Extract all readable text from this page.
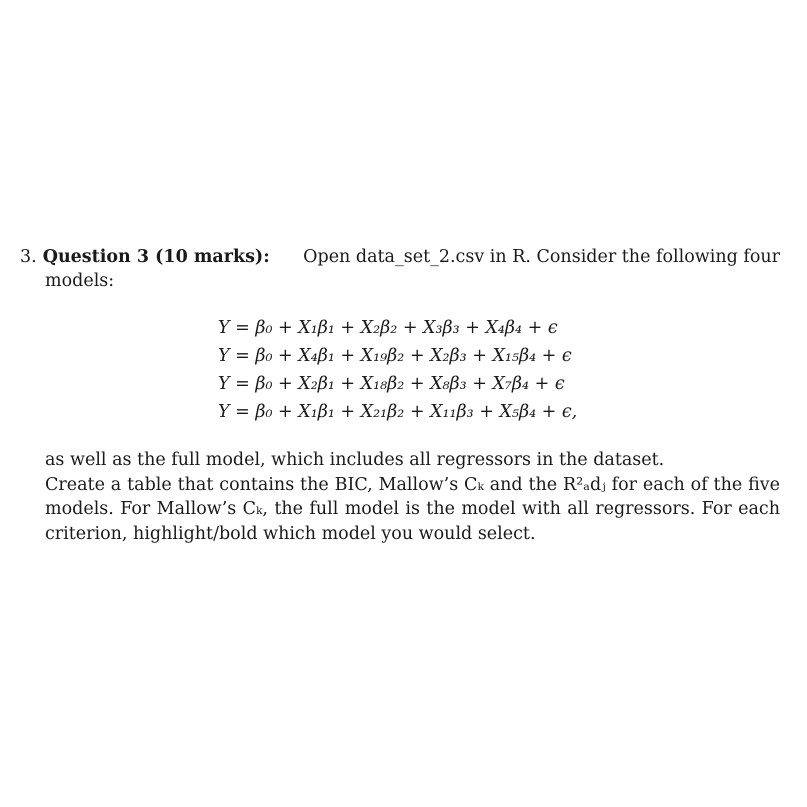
3. Question 3 (10 marks): Open data_set_2.csv in R. Consider the following four
models:
Y = β₀ + X₁β₁ + X₂β₂ + X₃β₃ + X₄β₄ + ϵ
Y = β₀ + X₄β₁ + X₁₉β₂ + X₂β₃ + X₁₅β₄ + ϵ
Y = β₀ + X₂β₁ + X₁₈β₂ + X₈β₃ + X₇β₄ + ϵ
Y = β₀ + X₁β₁ + X₂₁β₂ + X₁₁β₃ + X₅β₄ + ϵ,

as well as the full model, which includes all regressors in the dataset.

Create a table that contains the BIC, Mallow’s Cₖ and the R²ₐdⱼ for each of the five

models. For Mallow’s Cₖ, the full model is the model with all regressors. For each

criterion, highlight/bold which model you would select.
